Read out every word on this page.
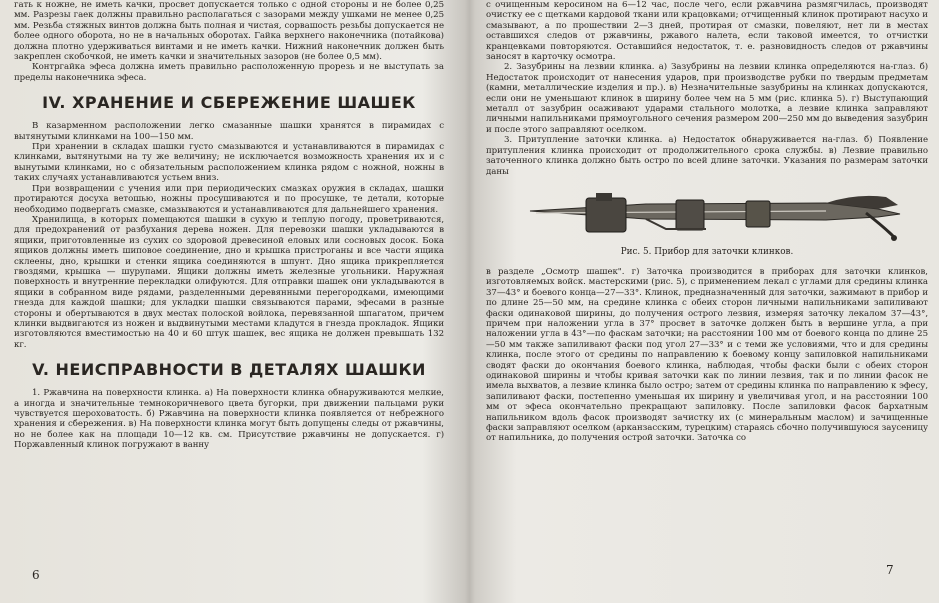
гать к ножне, не иметь качки, просвет допускается только с одной стороны и не более 0,25 мм. Разрезы гаек должны правильно располагаться с зазорами между ушками не менее 0,25 мм. Резьба стяжных винтов должна быть полная и чистая, сорвашость резьбы допускается не более одного оборота, но не в начальных оборотах. Гайка верхнего наконечника (потайкова) должна плотно удерживаться винтами и не иметь качки. Нижний наконечник должен быть закреплен скобочкой, не иметь качки и значительных зазоров (не более 0,5 мм).

Контргайка эфеса должна иметь правильно расположенную прорезь и не выступать за пределы наконечника эфеса.

IV. ХРАНЕНИЕ И СБЕРЕЖЕНИЕ ШАШЕК

В казарменном расположении легко смазанные шашки хранятся в пирамидах с вытянутыми клинками на 100—150 мм.

При хранении в складах шашки густо смазываются и устанавливаются в пирамидах с клинками, вытянутыми на ту же величину; не исключается возможность хранения их и с вынутыми клинками, но с обязательным расположением клинка рядом с ножной, ножны в таких случаях устанавливаются устьем вниз.

При возвращении с учения или при периодических смазках оружия в складах, шашки протираются досуха ветошью, ножны просушиваются и по просушке, те детали, которые необходимо подвергать смазке, смазываются и устанавливаются для дальнейшего хранения.

Хранилища, в которых помещаются шашки в сухую и теплую погоду, проветриваются, для предохранений от разбухания дерева ножен. Для перевозки шашки укладываются в ящики, приготовленные из сухих со здоровой древесиной еловых или сосновых досок. Бока ящиков должны иметь шиповое соединение, дно и крышка пристроганы и все части ящика склеены, дно, крышки и стенки ящика соединяются в шпунт. Дно ящика прикрепляется гвоздями, крышка — шурупами. Ящики должны иметь железные угольники. Наружная поверхность и внутренние перекладки олифуются. Для отправки шашек они укладываются в ящики в собранном виде рядами, разделенными деревянными перегородками, имеющими гнезда для каждой шашки; для укладки шашки связываются парами, эфесами в разные стороны и обертываются в двух местах полоской войлока, перевязанной шпагатом, причем клинки выдвигаются из ножен и выдвинутыми местами кладутся в гнезда прокладок. Ящики изготовляются вместимостью на 40 и 60 штук шашек, вес ящика не должен превышать 132 кг.

V. НЕИСПРАВНОСТИ В ДЕТАЛЯХ ШАШКИ

1. Ржавчина на поверхности клинка. а) На поверхности клинка обнаруживаются мелкие, а иногда и значительные темнокоричневого цвета бугорки, при движении пальцами руки чувствуется шероховатость. б) Ржавчина на поверхности клинка появляется от небрежного хранения и сбережения. в) На поверхности клинка могут быть допущены следы от ржавчины, но не более как на площади 10—12 кв. см. Присутствие ржавчины не допускается. г) Поржавленный клинок погружают в ванну

6

с очищенным керосином на 6—12 час, после чего, если ржавчина размягчилась, производят очистку ее с щетками кардовой ткани или крацовками; отчищенный клинок протирают насухо и смазывают, а по прошествии 2—3 дней, протирая от смазки, повеляют, нет ли в местах оставшихся следов от ржавчины, ржавого налета, если таковой имеется, то отчистки кранцевками повторяются. Оставшийся недостаток, т. е. разновидность следов от ржавчины заносят в карточку осмотра.

2. Зазубрины на лезвии клинка. а) Зазубрины на лезвии клинка определяются на-глаз. б) Недостаток происходит от нанесения ударов, при производстве рубки по твердым предметам (камни, металлические изделия и пр.). в) Незначительные зазубрины на клинках допускаются, если они не уменьшают клинок в ширину более чем на 5 мм (рис. клинка 5). г) Выступающий металл от зазубрин осаживают ударами стального молотка, а лезвие клинка заправляют личными напильниками прямоугольного сечения размером 200—250 мм до выведения зазубрин и после этого заправляют оселком.

3. Притупление заточки клинка. а) Недостаток обнаруживается на-глаз. б) Появление притупления клинка происходит от продолжительного срока службы. в) Лезвие правильно заточенного клинка должно быть остро по всей длине заточки. Указания по размерам заточки даны

Рис. 5. Прибор для заточки клинков.

в разделе „Осмотр шашек". г) Заточка производится в приборах для заточки клинков, изготовляемых войск. мастерскими (рис. 5), с применением лекал с углами для средины клинка 37—43° и боевого конца—27—33°. Клинок, предназначенный для заточки, зажимают в прибор и по длине 25—50 мм, на средине клинка с обеих сторон личными напильниками запиливают фаски одинаковой ширины, до получения острого лезвия, измеряя заточку лекалом 37—43°, причем при наложении угла в 37° просвет в заточке должен быть в вершине угла, а при наложении угла в 43°—по фаскам заточки; на расстоянии 100 мм от боевого конца по длине 25—50 мм также запиливают фаски под угол 27—33° и с теми же условиями, что и для средины клинка, после этого от средины по направлению к боевому концу запиловкой напильниками сводят фаски до окончания боевого клинка, наблюдая, чтобы фаски были с обеих сторон одинаковой ширины и чтобы кривая заточки как по линии лезвия, так и по линии фасок не имела выхватов, а лезвие клинка было остро; затем от средины клинка по направлению к эфесу, запиливают фаски, постепенно уменьшая их ширину и увеличивая угол, и на расстоянии 100 мм от эфеса окончательно прекращают запиловку. После запиловки фасок бархатным напильником вдоль фасок производят зачистку их (с минеральным маслом) и зачищенные фаски заправляют оселком (арканзасским, турецким) стараясь сбочно получившуюся заусеницу от напильника, до получения острой заточки. Заточка со

7
